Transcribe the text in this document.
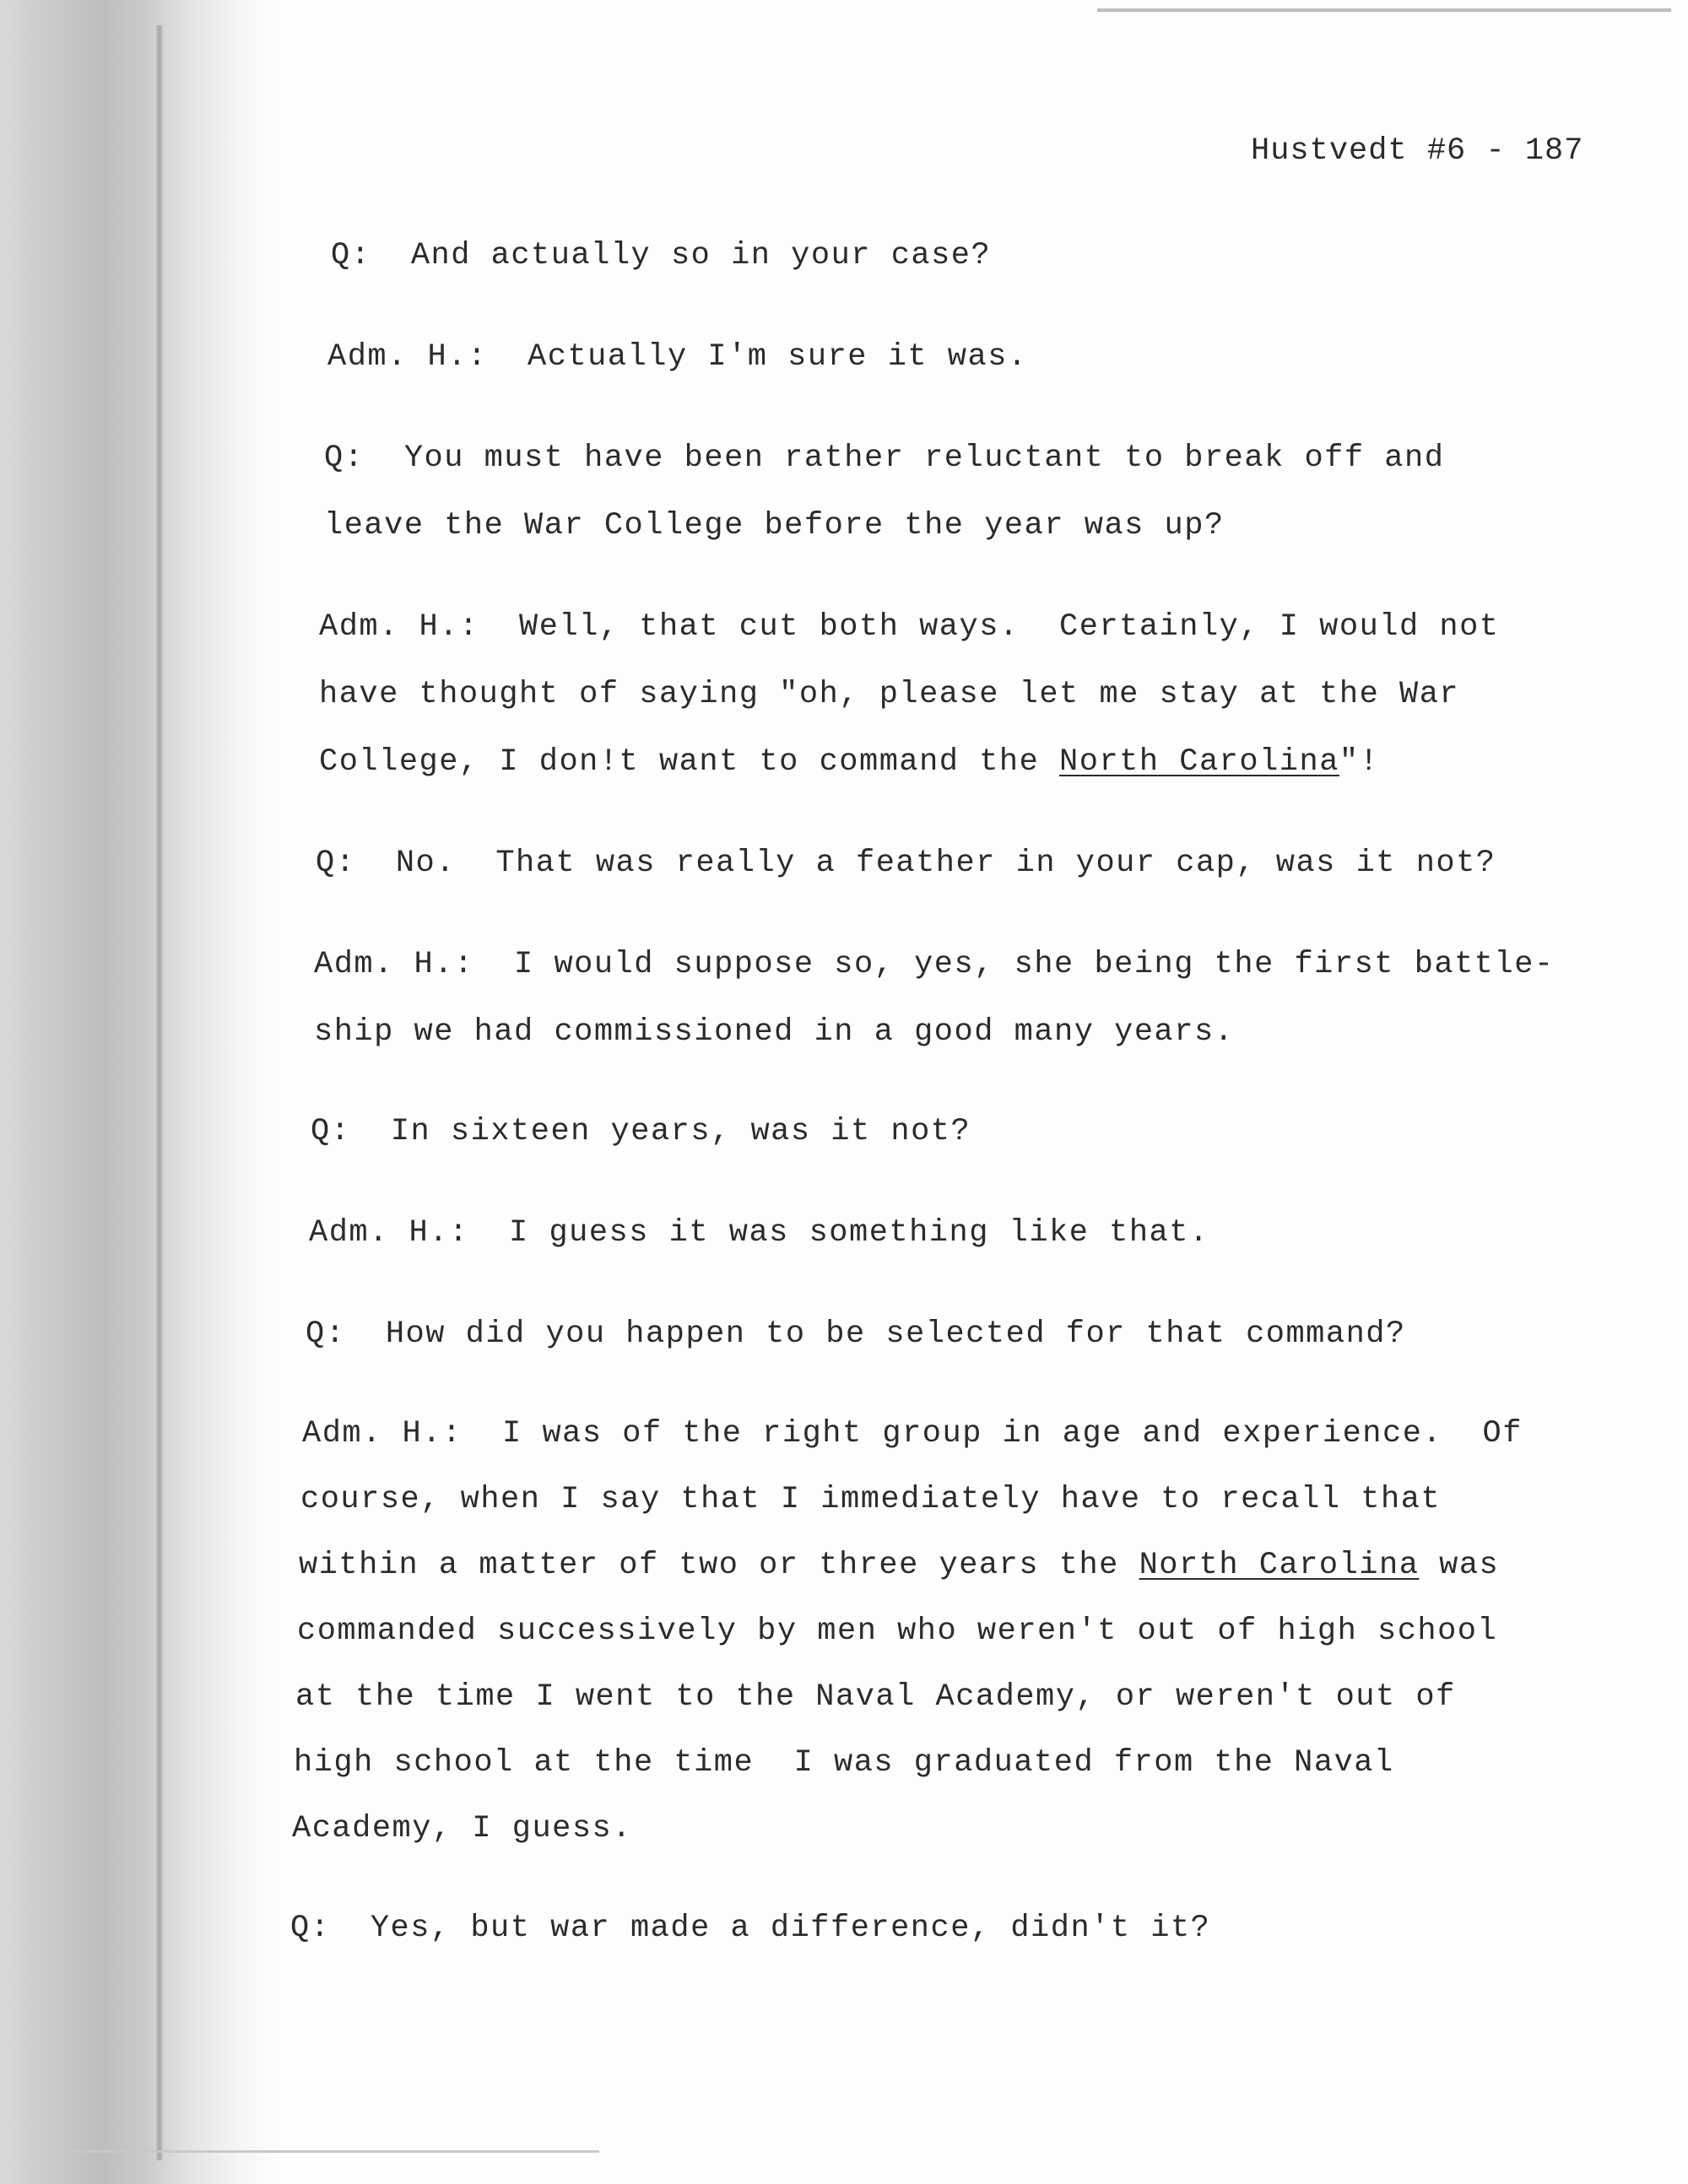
Hustvedt #6 - 187
Q:  And actually so in your case?
Adm. H.:  Actually I'm sure it was.
Q:  You must have been rather reluctant to break off and
leave the War College before the year was up?
Adm. H.:  Well, that cut both ways.  Certainly, I would not
have thought of saying "oh, please let me stay at the War
College, I don!t want to command the North Carolina"!
Q:  No.  That was really a feather in your cap, was it not?
Adm. H.:  I would suppose so, yes, she being the first battle-
ship we had commissioned in a good many years.
Q:  In sixteen years, was it not?
Adm. H.:  I guess it was something like that.
Q:  How did you happen to be selected for that command?
Adm. H.:  I was of the right group in age and experience.  Of
course, when I say that I immediately have to recall that
within a matter of two or three years the North Carolina was
commanded successively by men who weren't out of high school
at the time I went to the Naval Academy, or weren't out of
high school at the time  I was graduated from the Naval
Academy, I guess.
Q:  Yes, but war made a difference, didn't it?
